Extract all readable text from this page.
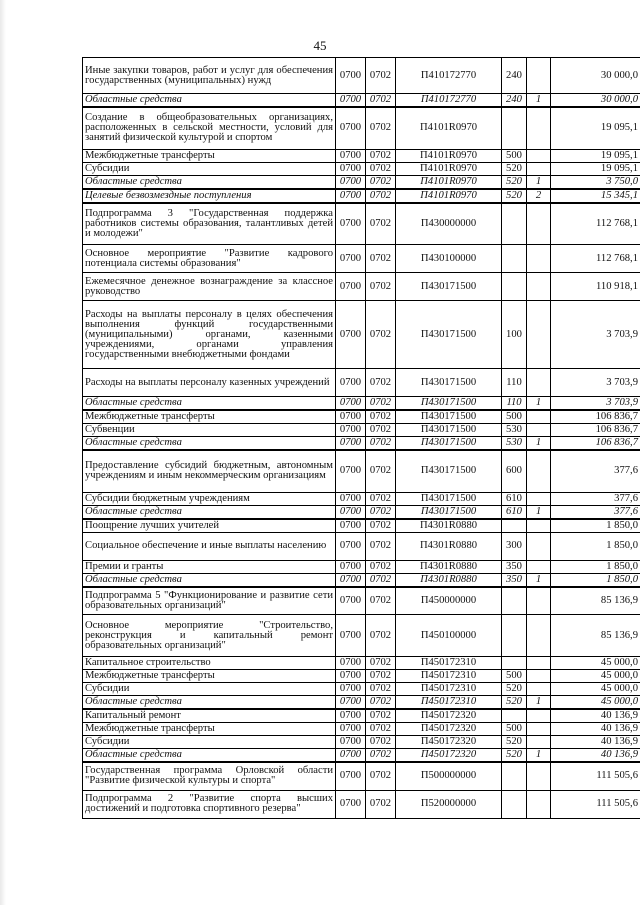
45
Иные закупки товаров, работ и услуг для обеспечения государственных (муниципальных) нужд	0700	0702	П410172770	240		30 000,0
Областные средства	0700	0702	П410172770	240	1	30 000,0
Создание в общеобразовательных организациях, расположенных в сельской местности, условий для занятий физической культурой и спортом	0700	0702	П4101R0970			19 095,1
Межбюджетные трансферты	0700	0702	П4101R0970	500		19 095,1
Субсидии	0700	0702	П4101R0970	520		19 095,1
Областные средства	0700	0702	П4101R0970	520	1	3 750,0
Целевые безвозмездные поступления	0700	0702	П4101R0970	520	2	15 345,1
Подпрограмма 3 "Государственная поддержка работников системы образования, талантливых детей и молодежи"	0700	0702	П430000000			112 768,1
Основное мероприятие "Развитие кадрового потенциала системы образования"	0700	0702	П430100000			112 768,1
Ежемесячное денежное вознаграждение за классное руководство	0700	0702	П430171500			110 918,1
Расходы на выплаты персоналу в целях обеспечения выполнения функций государственными (муниципальными) органами, казенными учреждениями, органами управления государственными внебюджетными фондами	0700	0702	П430171500	100		3 703,9
Расходы на выплаты персоналу казенных учреждений	0700	0702	П430171500	110		3 703,9
Областные средства	0700	0702	П430171500	110	1	3 703,9
Межбюджетные трансферты	0700	0702	П430171500	500		106 836,7
Субвенции	0700	0702	П430171500	530		106 836,7
Областные средства	0700	0702	П430171500	530	1	106 836,7
Предоставление субсидий бюджетным, автономным учреждениям и иным некоммерческим организациям	0700	0702	П430171500	600		377,6
Субсидии бюджетным учреждениям	0700	0702	П430171500	610		377,6
Областные средства	0700	0702	П430171500	610	1	377,6
Поощрение лучших учителей	0700	0702	П4301R0880			1 850,0
Социальное обеспечение и иные выплаты населению	0700	0702	П4301R0880	300		1 850,0
Премии и гранты	0700	0702	П4301R0880	350		1 850,0
Областные средства	0700	0702	П4301R0880	350	1	1 850,0
Подпрограмма 5 "Функционирование и развитие сети образовательных организаций"	0700	0702	П450000000			85 136,9
Основное мероприятие "Строительство, реконструкция и капитальный ремонт образовательных организаций"	0700	0702	П450100000			85 136,9
Капитальное строительство	0700	0702	П450172310			45 000,0
Межбюджетные трансферты	0700	0702	П450172310	500		45 000,0
Субсидии	0700	0702	П450172310	520		45 000,0
Областные средства	0700	0702	П450172310	520	1	45 000,0
Капитальный ремонт	0700	0702	П450172320			40 136,9
Межбюджетные трансферты	0700	0702	П450172320	500		40 136,9
Субсидии	0700	0702	П450172320	520		40 136,9
Областные средства	0700	0702	П450172320	520	1	40 136,9
Государственная программа Орловской области "Развитие физической культуры и спорта"	0700	0702	П500000000			111 505,6
Подпрограмма 2 "Развитие спорта высших достижений и подготовка спортивного резерва"	0700	0702	П520000000			111 505,6
